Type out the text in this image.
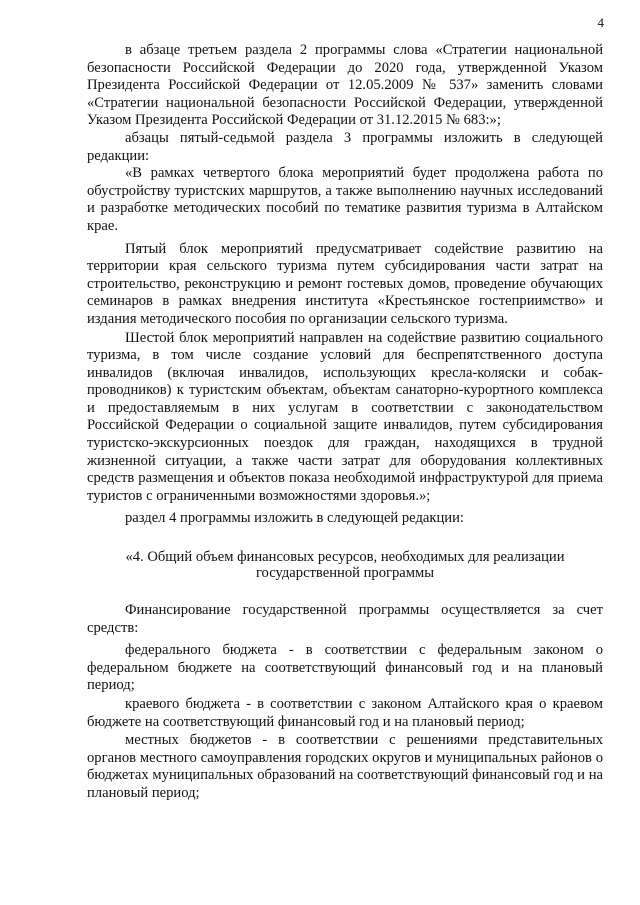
4

в абзаце третьем раздела 2 программы слова «Стратегии национальной безопасности Российской Федерации до 2020 года, утвержденной Указом Президента Российской Федерации от 12.05.2009 № 537» заменить словами «Стратегии национальной безопасности Российской Федерации, утвержденной Указом Президента Российской Федерации от 31.12.2015 № 683:»;

абзацы пятый-седьмой раздела 3 программы изложить в следующей редакции:

«В рамках четвертого блока мероприятий будет продолжена работа по обустройству туристских маршрутов, а также выполнению научных исследований и разработке методических пособий по тематике развития туризма в Алтайском крае.

Пятый блок мероприятий предусматривает содействие развитию на территории края сельского туризма путем субсидирования части затрат на строительство, реконструкцию и ремонт гостевых домов, проведение обучающих семинаров в рамках внедрения института «Крестьянское гостеприимство» и издания методического пособия по организации сельского туризма.

Шестой блок мероприятий направлен на содействие развитию социального туризма, в том числе создание условий для беспрепятственного доступа инвалидов (включая инвалидов, использующих кресла-коляски и собак-проводников) к туристским объектам, объектам санаторно-курортного комплекса и предоставляемым в них услугам в соответствии с законодательством Российской Федерации о социальной защите инвалидов, путем субсидирования туристско-экскурсионных поездок для граждан, находящихся в трудной жизненной ситуации, а также части затрат для оборудования коллективных средств размещения и объектов показа необходимой инфраструктурой для приема туристов с ограниченными возможностями здоровья.»;

раздел 4 программы изложить в следующей редакции:

«4. Общий объем финансовых ресурсов, необходимых для реализации государственной программы

Финансирование государственной программы осуществляется за счет средств:

федерального бюджета - в соответствии с федеральным законом о федеральном бюджете на соответствующий финансовый год и на плановый период;

краевого бюджета - в соответствии с законом Алтайского края о краевом бюджете на соответствующий финансовый год и на плановый период;

местных бюджетов - в соответствии с решениями представительных органов местного самоуправления городских округов и муниципальных районов о бюджетах муниципальных образований на соответствующий финансовый год и на плановый период;
